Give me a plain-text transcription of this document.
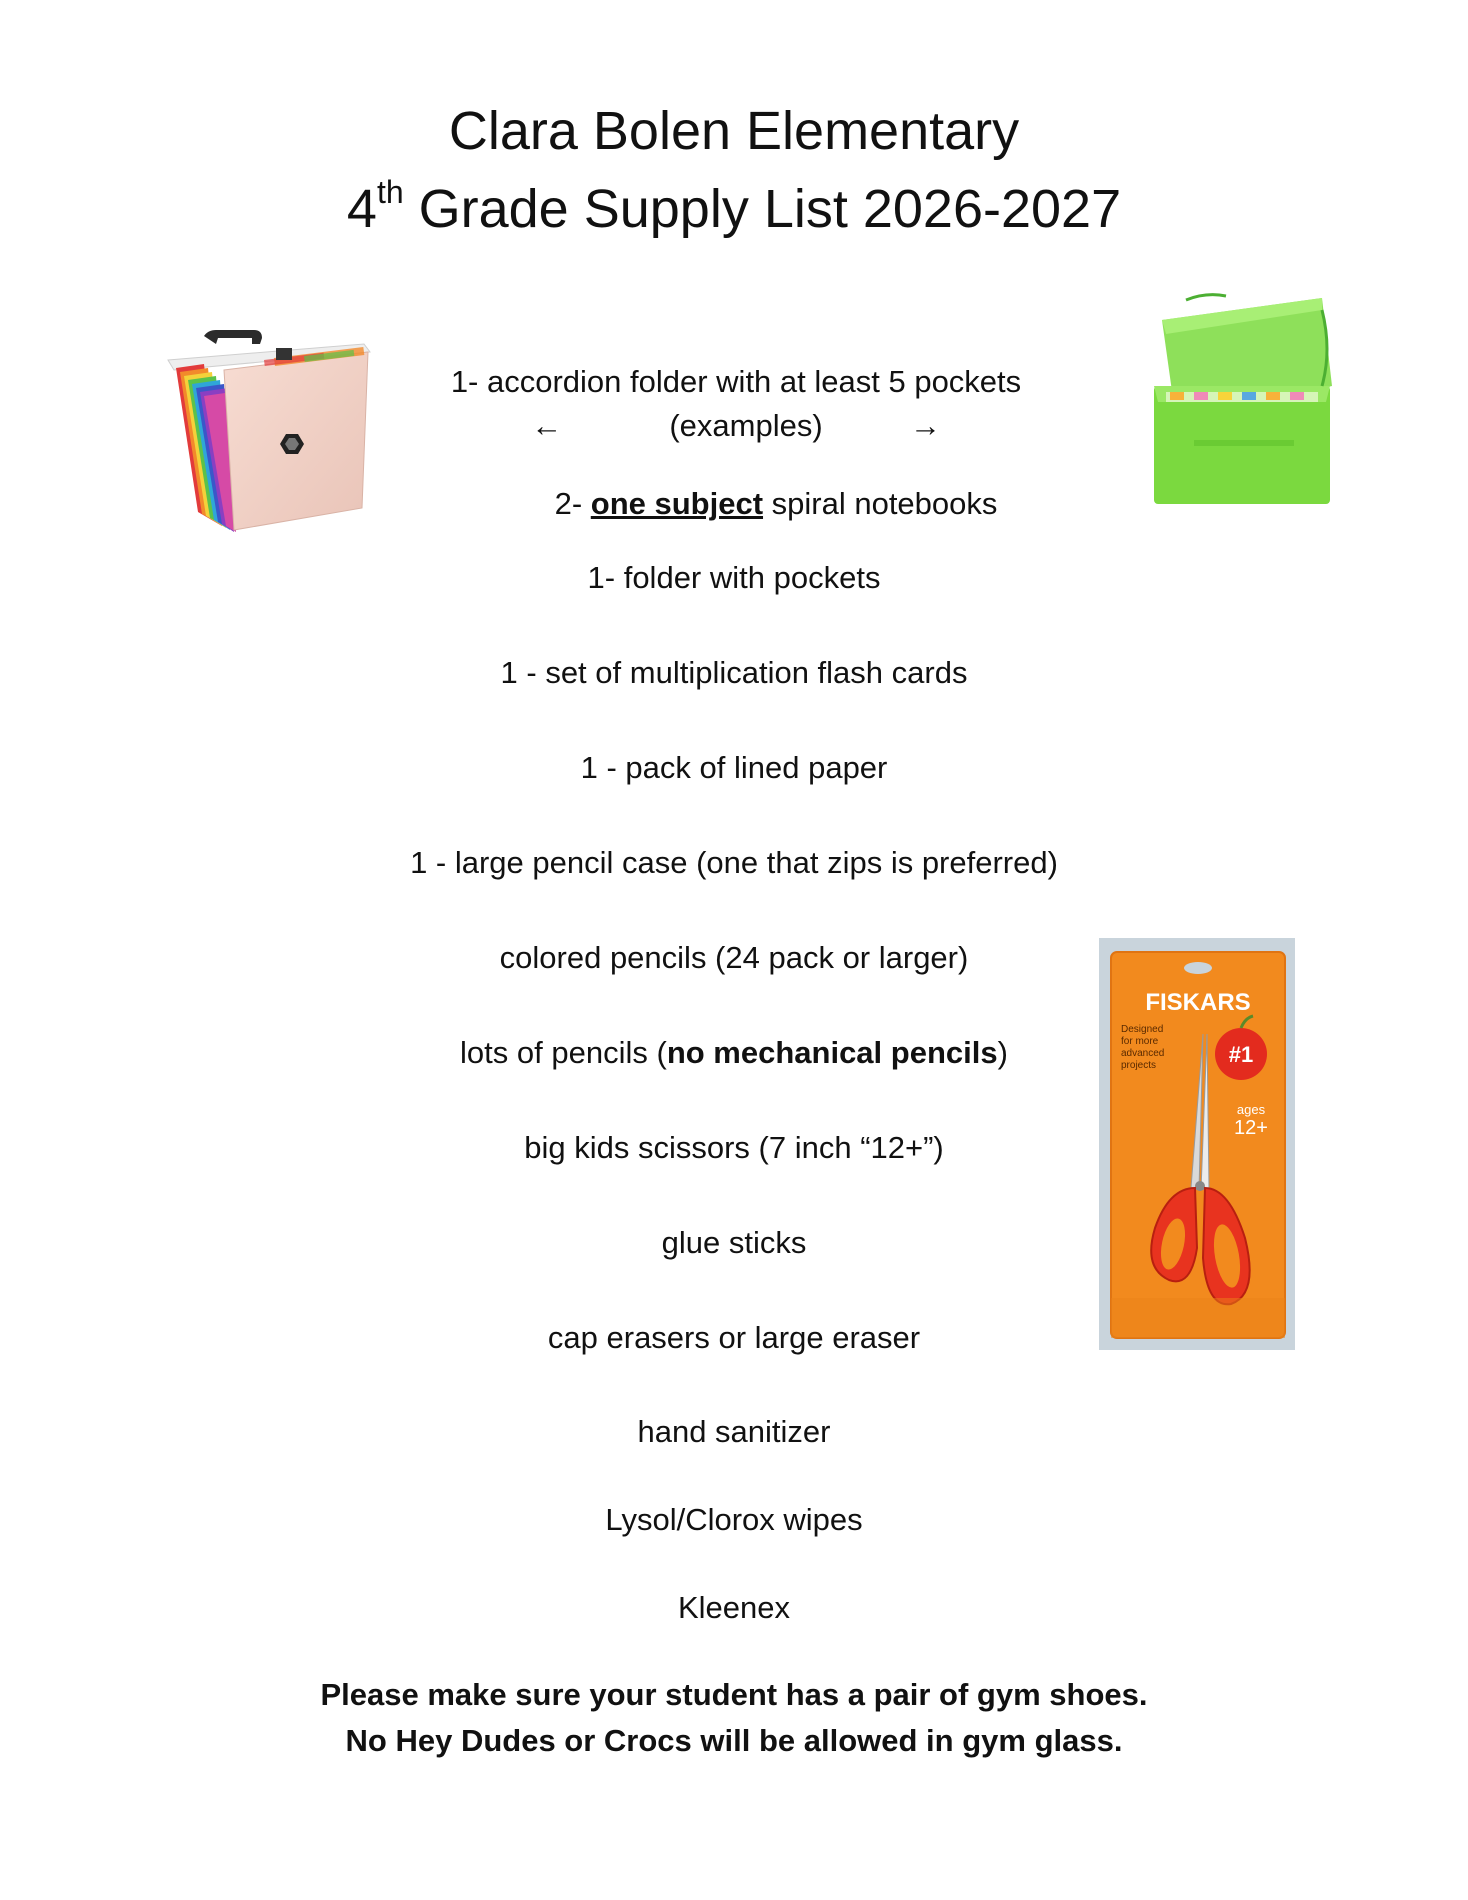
Clara Bolen Elementary
4th Grade Supply List 2026-2027
1- accordion folder with at least 5 pockets
←	(examples)	→
2- one subject spiral notebooks
1- folder with pockets
1 - set of multiplication flash cards
1 - pack of lined paper
1 - large pencil case (one that zips is preferred)
colored pencils (24 pack or larger)
lots of pencils (no mechanical pencils)
big kids scissors (7 inch “12+”)
glue sticks
cap erasers or large eraser
hand sanitizer
Lysol/Clorox wipes
Kleenex
Please make sure your student has a pair of gym shoes.
No Hey Dudes or Crocs will be allowed in gym glass.
FISKARS
Designed
for more
advanced
projects	#1
ages
12+
